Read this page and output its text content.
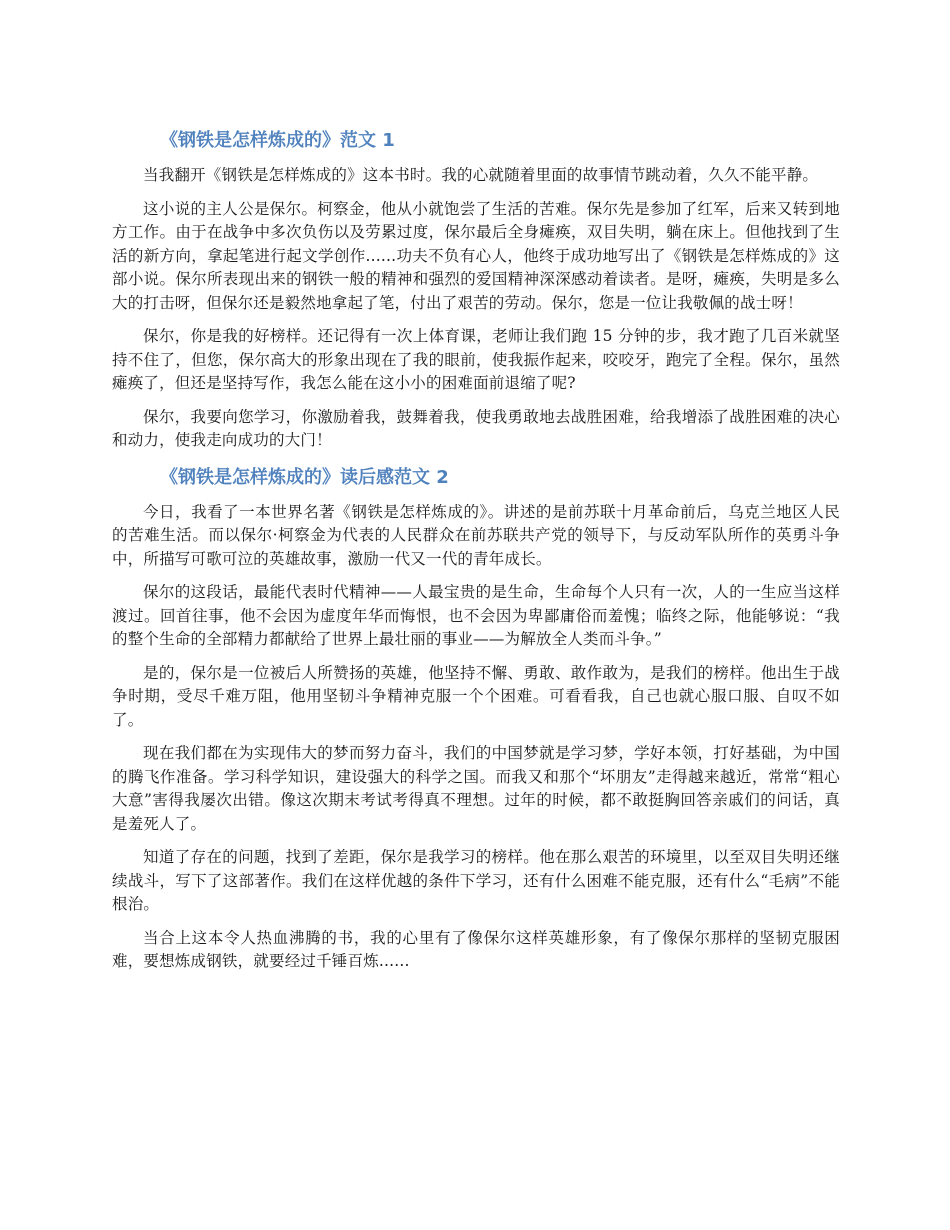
《钢铁是怎样炼成的》范文 1

当我翻开《钢铁是怎样炼成的》这本书时。我的心就随着里面的故事情节跳动着，久久不能平静。

这小说的主人公是保尔。柯察金，他从小就饱尝了生活的苦难。保尔先是参加了红军，后来又转到地方工作。由于在战争中多次负伤以及劳累过度，保尔最后全身瘫痪，双目失明，躺在床上。但他找到了生活的新方向，拿起笔进行起文学创作......功夫不负有心人，他终于成功地写出了《钢铁是怎样炼成的》这部小说。保尔所表现出来的钢铁一般的精神和强烈的爱国精神深深感动着读者。是呀，瘫痪，失明是多么大的打击呀，但保尔还是毅然地拿起了笔，付出了艰苦的劳动。保尔，您是一位让我敬佩的战士呀！

保尔，你是我的好榜样。还记得有一次上体育课，老师让我们跑 15 分钟的步，我才跑了几百米就坚持不住了，但您，保尔高大的形象出现在了我的眼前，使我振作起来，咬咬牙，跑完了全程。保尔，虽然瘫痪了，但还是坚持写作，我怎么能在这小小的困难面前退缩了呢?

保尔，我要向您学习，你激励着我，鼓舞着我，使我勇敢地去战胜困难，给我增添了战胜困难的决心和动力，使我走向成功的大门！

《钢铁是怎样炼成的》读后感范文 2

今日，我看了一本世界名著《钢铁是怎样炼成的》。讲述的是前苏联十月革命前后，乌克兰地区人民的苦难生活。而以保尔·柯察金为代表的人民群众在前苏联共产党的领导下，与反动军队所作的英勇斗争中，所描写可歌可泣的英雄故事，激励一代又一代的青年成长。

保尔的这段话，最能代表时代精神——人最宝贵的是生命，生命每个人只有一次，人的一生应当这样渡过。回首往事，他不会因为虚度年华而悔恨，也不会因为卑鄙庸俗而羞愧；临终之际，他能够说：“我的整个生命的全部精力都献给了世界上最壮丽的事业——为解放全人类而斗争。”

是的，保尔是一位被后人所赞扬的英雄，他坚持不懈、勇敢、敢作敢为，是我们的榜样。他出生于战争时期，受尽千难万阻，他用坚韧斗争精神克服一个个困难。可看看我，自己也就心服口服、自叹不如了。

现在我们都在为实现伟大的梦而努力奋斗，我们的中国梦就是学习梦，学好本领，打好基础，为中国的腾飞作准备。学习科学知识，建设强大的科学之国。而我又和那个“坏朋友”走得越来越近，常常“粗心大意”害得我屡次出错。像这次期末考试考得真不理想。过年的时候，都不敢挺胸回答亲戚们的问话，真是羞死人了。

知道了存在的问题，找到了差距，保尔是我学习的榜样。他在那么艰苦的环境里，以至双目失明还继续战斗，写下了这部著作。我们在这样优越的条件下学习，还有什么困难不能克服，还有什么“毛病”不能根治。

当合上这本令人热血沸腾的书，我的心里有了像保尔这样英雄形象，有了像保尔那样的坚韧克服困难，要想炼成钢铁，就要经过千锤百炼......
